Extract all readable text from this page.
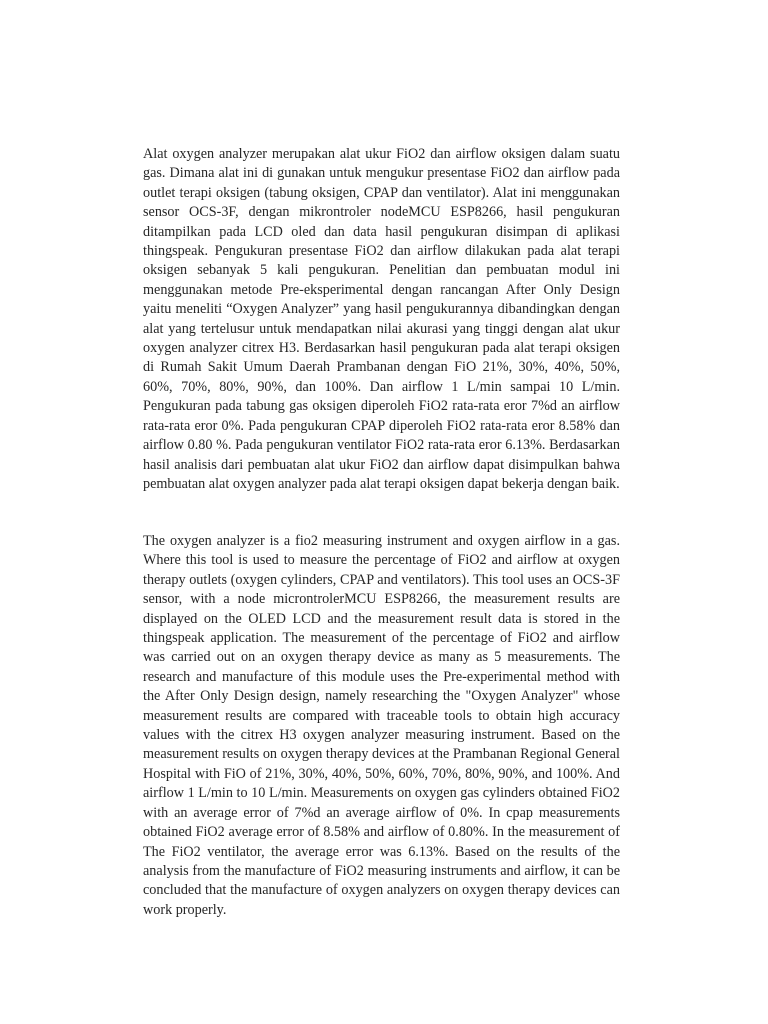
Alat oxygen analyzer merupakan alat ukur FiO2 dan airflow oksigen dalam suatu gas. Dimana alat ini di gunakan untuk mengukur presentase FiO2 dan airflow pada outlet terapi oksigen (tabung oksigen, CPAP dan ventilator). Alat ini menggunakan sensor OCS-3F, dengan mikrontroler nodeMCU ESP8266, hasil pengukuran ditampilkan pada LCD oled dan data hasil pengukuran disimpan di aplikasi thingspeak. Pengukuran presentase FiO2 dan airflow dilakukan pada alat terapi oksigen sebanyak 5 kali pengukuran. Penelitian dan pembuatan modul ini menggunakan metode Pre-eksperimental dengan rancangan After Only Design yaitu meneliti “Oxygen Analyzer” yang hasil pengukurannya dibandingkan dengan alat yang tertelusur untuk mendapatkan nilai akurasi yang tinggi dengan alat ukur oxygen analyzer citrex H3. Berdasarkan hasil pengukuran pada alat terapi oksigen di Rumah Sakit Umum Daerah Prambanan dengan FiO 21%, 30%, 40%, 50%, 60%, 70%, 80%, 90%, dan 100%. Dan airflow 1 L/min sampai 10 L/min. Pengukuran pada tabung gas oksigen diperoleh FiO2 rata-rata eror 7%d an airflow rata-rata eror 0%. Pada pengukuran CPAP diperoleh FiO2 rata-rata eror 8.58% dan airflow 0.80 %. Pada pengukuran ventilator FiO2 rata-rata eror 6.13%. Berdasarkan hasil analisis dari pembuatan alat ukur FiO2 dan airflow dapat disimpulkan bahwa pembuatan alat oxygen analyzer pada alat terapi oksigen dapat bekerja dengan baik.

The oxygen analyzer is a fio2 measuring instrument and oxygen airflow in a gas. Where this tool is used to measure the percentage of FiO2 and airflow at oxygen therapy outlets (oxygen cylinders, CPAP and ventilators). This tool uses an OCS-3F sensor, with a node microntrolerMCU ESP8266, the measurement results are displayed on the OLED LCD and the measurement result data is stored in the thingspeak application. The measurement of the percentage of FiO2 and airflow was carried out on an oxygen therapy device as many as 5 measurements. The research and manufacture of this module uses the Pre-experimental method with the After Only Design design, namely researching the "Oxygen Analyzer" whose measurement results are compared with traceable tools to obtain high accuracy values with the citrex H3 oxygen analyzer measuring instrument. Based on the measurement results on oxygen therapy devices at the Prambanan Regional General Hospital with FiO of 21%, 30%, 40%, 50%, 60%, 70%, 80%, 90%, and 100%. And airflow 1 L/min to 10 L/min. Measurements on oxygen gas cylinders obtained FiO2 with an average error of 7%d an average airflow of 0%. In cpap measurements obtained FiO2 average error of 8.58% and airflow of 0.80%. In the measurement of The FiO2 ventilator, the average error was 6.13%. Based on the results of the analysis from the manufacture of FiO2 measuring instruments and airflow, it can be concluded that the manufacture of oxygen analyzers on oxygen therapy devices can work properly.
